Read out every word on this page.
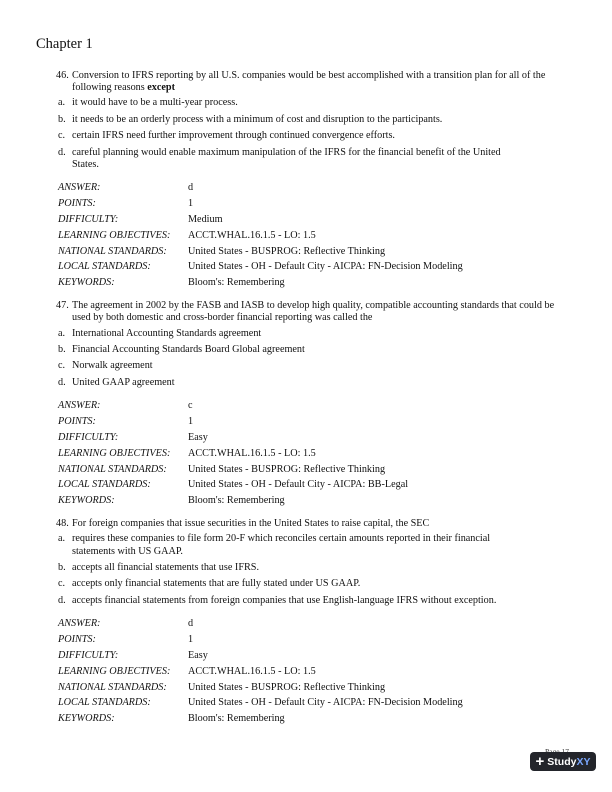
Chapter 1
46. Conversion to IFRS reporting by all U.S. companies would be best accomplished with a transition plan for all of the following reasons except
a. it would have to be a multi-year process.
b. it needs to be an orderly process with a minimum of cost and disruption to the participants.
c. certain IFRS need further improvement through continued convergence efforts.
d. careful planning would enable maximum manipulation of the IFRS for the financial benefit of the United States.
ANSWER:	d
POINTS:	1
DIFFICULTY:	Medium
LEARNING OBJECTIVES:	ACCT.WHAL.16.1.5 - LO: 1.5
NATIONAL STANDARDS:	United States - BUSPROG: Reflective Thinking
LOCAL STANDARDS:	United States - OH - Default City - AICPA: FN-Decision Modeling
KEYWORDS:	Bloom's: Remembering
47. The agreement in 2002 by the FASB and IASB to develop high quality, compatible accounting standards that could be used by both domestic and cross-border financial reporting was called the
a. International Accounting Standards agreement
b. Financial Accounting Standards Board Global agreement
c. Norwalk agreement
d. United GAAP agreement
ANSWER:	c
POINTS:	1
DIFFICULTY:	Easy
LEARNING OBJECTIVES:	ACCT.WHAL.16.1.5 - LO: 1.5
NATIONAL STANDARDS:	United States - BUSPROG: Reflective Thinking
LOCAL STANDARDS:	United States - OH - Default City - AICPA: BB-Legal
KEYWORDS:	Bloom's: Remembering
48. For foreign companies that issue securities in the United States to raise capital, the SEC
a. requires these companies to file form 20-F which reconciles certain amounts reported in their financial statements with US GAAP.
b. accepts all financial statements that use IFRS.
c. accepts only financial statements that are fully stated under US GAAP.
d. accepts financial statements from foreign companies that use English-language IFRS without exception.
ANSWER:	d
POINTS:	1
DIFFICULTY:	Easy
LEARNING OBJECTIVES:	ACCT.WHAL.16.1.5 - LO: 1.5
NATIONAL STANDARDS:	United States - BUSPROG: Reflective Thinking
LOCAL STANDARDS:	United States - OH - Default City - AICPA: FN-Decision Modeling
KEYWORDS:	Bloom's: Remembering
+ Study XY
